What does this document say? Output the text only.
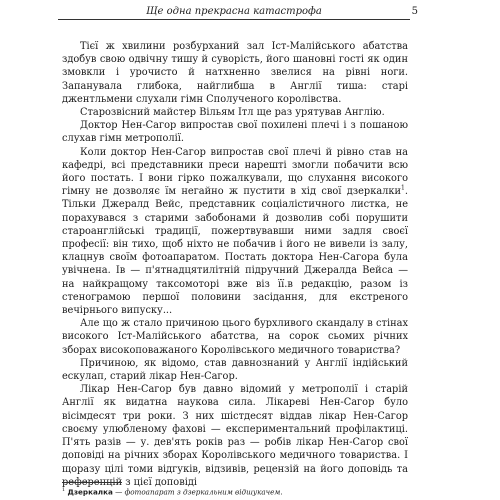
Ще одна прекрасна катастрофа	5

Тієї ж хвилини розбурханий зал Іст-Малійського абатства здобув свою одвічну тишу й суворість, його шановні гості як один змовкли і урочисто й натхненно звелися на рівні ноги. Запанувала глибока, найглибша в Англії тиша: старі джентльмени слухали гімн Сполученого королівства.

Старозвісний майстер Вільям Ітл ще раз урятував Англію.

Доктор Нен-Сагор випростав свої похилені плечі і з пошаною слухав гімн метрополії.

Коли доктор Нен-Сагор випростав свої плечі й рівно став на кафедрі, всі представники преси нарешті змогли побачити всю його постать. І вони гірко пожалкували, що слухання високого гімну не дозволяє їм негайно ж пустити в хід свої дзеркалки$^1$. Тільки Джералд Вейс, представник соціалістичного листка, не порахувався з старими забобонами й дозволив собі порушити староанглійські традиції, пожертвувавши ними задля своєї професії: він тихо, щоб ніхто не побачив і його не вивели із залу, клацнув своїм фотоапаратом. Постать доктора Нен-Сагора була увічнена. Ів — п'ятнадцятилітній підручний Джералда Вейса — на найкращому таксомоторі вже віз її.в редакцію, разом із стенограмою першої половини засідання, для екстреного вечірнього випуску...

Але що ж стало причиною цього бурхливого скандалу в стінах високого Іст-Малійського абатства, на сорок сьомих річних зборах високоповажаного Королівського медичного товариства?

Причиною, як відомо, став давнознаний у Англії індійський ескулап, старий лікар Нен-Сагор.

Лікар Нен-Сагор був давно відомий у метрополії і старій Англії як видатна наукова сила. Лікареві Нен-Сагор було вісімдесят три роки. З них шістдесят віддав лікар Нен-Сагор своєму улюбленому фахові — експериментальний профілактиці. П'ять разів — у. дев'ять років раз — робів лікар Нен-Сагор свої доповіді на річних зборах Королівського медичного товариства. І щоразу цілі томи відгуків, відзивів, рецензій на його доповідь та референцій з цієї доповіді

$^1$ Дзеркалка — фотоапарат з дзеркальним відшукачем.
